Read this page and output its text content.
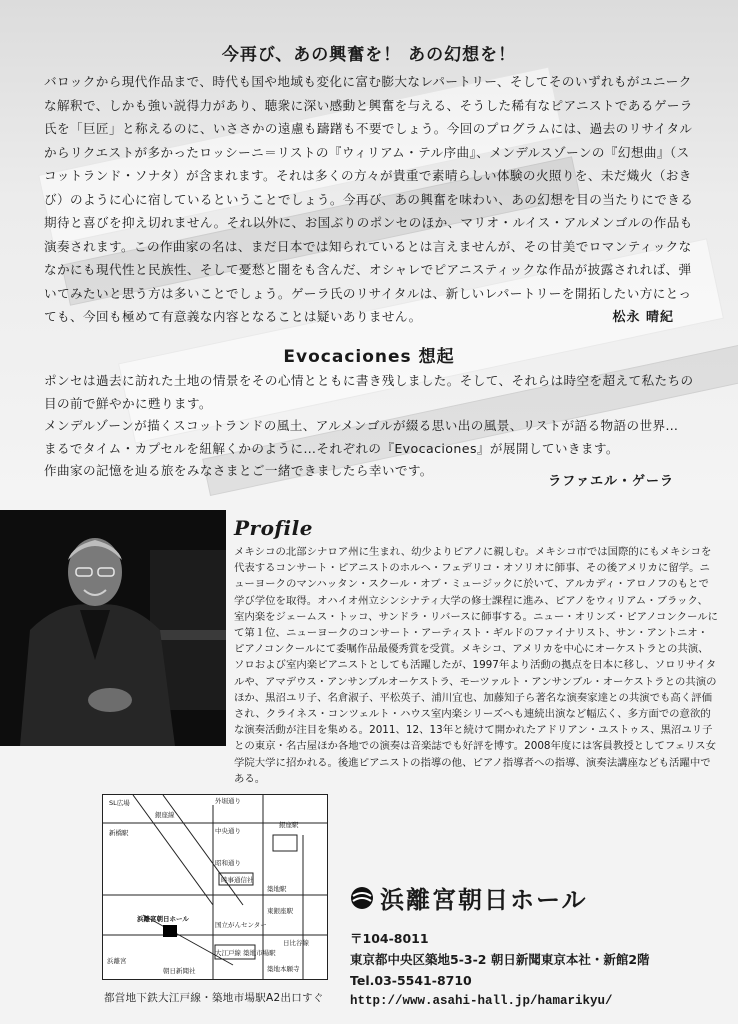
今再び、あの興奮を！ あの幻想を！

バロックから現代作品まで、時代も国や地域も変化に富む膨大なレパートリー、そしてそのいずれもがユニークな解釈で、しかも強い説得力があり、聴衆に深い感動と興奮を与える、そうした稀有なピアニストであるゲーラ氏を「巨匠」と称えるのに、いささかの遠慮も躊躇も不要でしょう。今回のプログラムには、過去のリサイタルからリクエストが多かったロッシーニ＝リストの『ウィリアム・テル序曲』、メンデルスゾーンの『幻想曲』（スコットランド・ソナタ）が含まれます。それは多くの方々が貴重で素晴らしい体験の火照りを、未だ熾火（おきび）のように心に宿しているということでしょう。今再び、あの興奮を味わい、あの幻想を目の当たりにできる期待と喜びを抑え切れません。それ以外に、お国ぶりのポンセのほか、マリオ・ルイス・アルメンゴルの作品も演奏されます。この作曲家の名は、まだ日本では知られているとは言えませんが、その甘美でロマンティックななかにも現代性と民族性、そして憂愁と闇をも含んだ、オシャレでピアニスティックな作品が披露されれば、弾いてみたいと思う方は多いことでしょう。ゲーラ氏のリサイタルは、新しいレパートリーを開拓したい方にとっても、今回も極めて有意義な内容となることは疑いありません。	松永 晴紀
Evocaciones 想起
ポンセは過去に訪れた土地の情景をその心情とともに書き残しました。そして、それらは時空を超えて私たちの目の前で鮮やかに甦ります。
メンデルゾーンが描くスコットランドの風土、アルメンゴルが綴る思い出の風景、リストが語る物語の世界… まるでタイム・カプセルを紐解くかのように…それぞれの『Evocaciones』が展開していきます。
作曲家の記憶を辿る旅をみなさまとご一緒できましたら幸いです。
ラファエル・ゲーラ
Profile

メキシコの北部シナロア州に生まれ、幼少よりピアノに親しむ。メキシコ市では国際的にもメキシコを代表するコンサート・ピアニストのホルヘ・フェデリコ・オソリオに師事、その後アメリカに留学。ニューヨークのマンハッタン・スクール・オブ・ミュージックに於いて、アルカディ・アロノフのもとで学び学位を取得。オハイオ州立シンシナティ大学の修士課程に進み、ピアノをウィリアム・ブラック、室内楽をジェームス・トッコ、サンドラ・リバースに師事する。ニュー・オリンズ・ピアノコンクールにて第１位、ニューヨークのコンサート・アーティスト・ギルドのファイナリスト、サン・アントニオ・ピアノコンクールにて委嘱作品最優秀賞を受賞。メキシコ、アメリカを中心にオーケストラとの共演、ソロおよび室内楽ピアニストとしても活躍したが、1997年より活動の拠点を日本に移し、ソロリサイタルや、アマデウス・アンサンブルオーケストラ、モーツァルト・アンサンブル・オーケストラとの共演のほか、黒沼ユリ子、名倉淑子、平松英子、浦川宜也、加藤知子ら著名な演奏家達との共演でも高く評価され、クライネス・コンツェルト・ハウス室内楽シリーズへも連続出演など幅広く、多方面での意欲的な演奏活動が注目を集める。2011、12、13年と続けて開かれたアドリアン・ユストゥス、黒沼ユリ子との東京・名古屋ほか各地での演奏は音楽誌でも好評を博す。2008年度には客員教授としてフェリス女学院大学に招かれる。後進ピアニストの指導の他、ピアノ指導者への指導、演奏法講座なども活躍中である。

SL広場
新橋駅
銀座線
外堀通り
中央通り
銀座駅
昭和通り
時事通信社
築地駅
東銀座駅
浜離宮朝日ホール
国立がんセンター
大江戸線 築地市場駅
朝日新聞社
浜離宮
築地本願寺
日比谷線
都営地下鉄大江戸線・築地市場駅A2出口すぐ
浜離宮朝日ホール
〒104-8011
東京都中央区築地5-3-2 朝日新聞東京本社・新館2階
Tel.03-5541-8710
http://www.asahi-hall.jp/hamarikyu/
